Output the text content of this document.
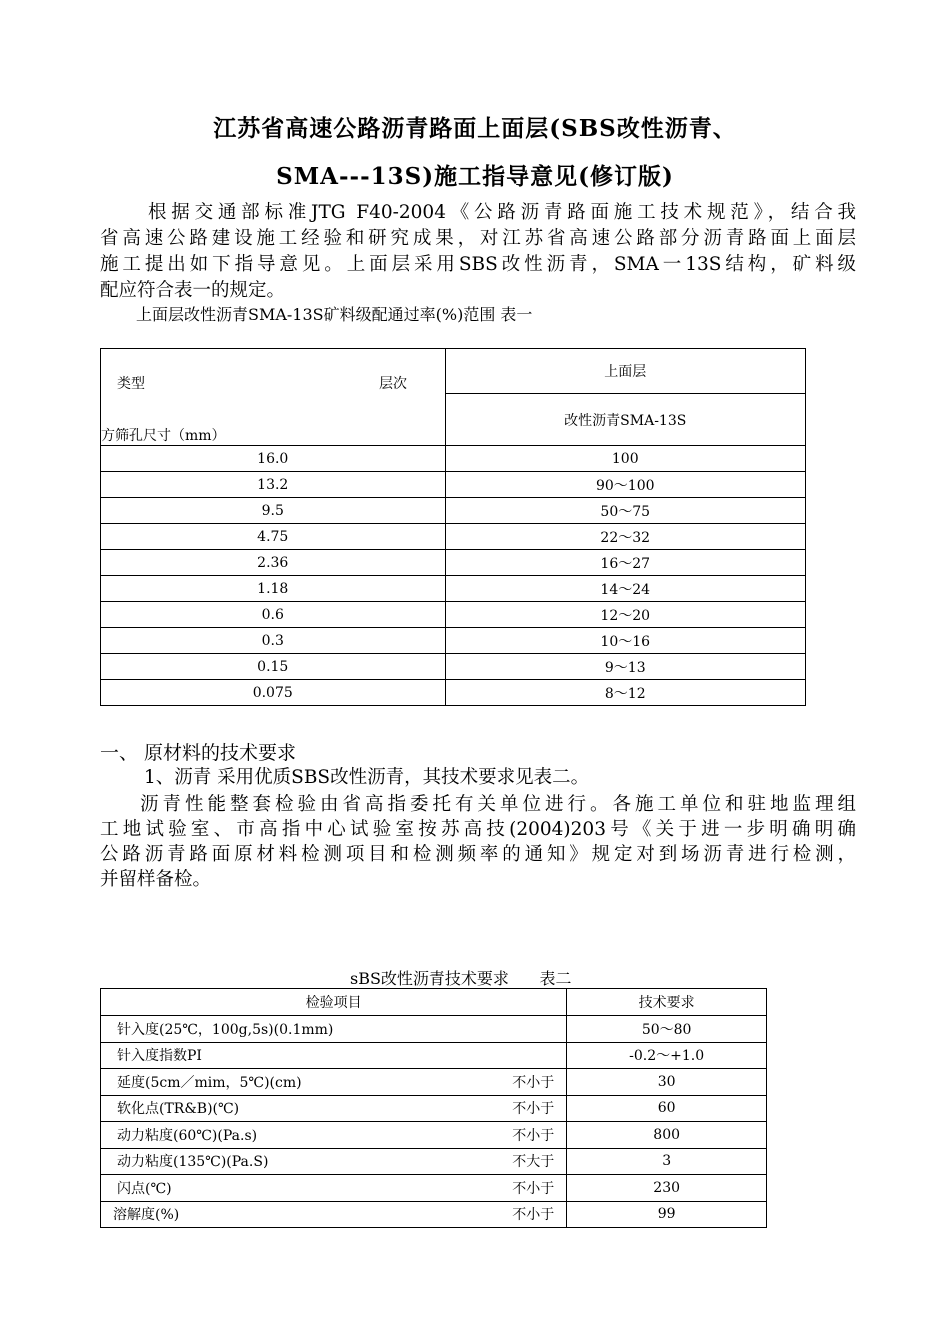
江苏省高速公路沥青路面上面层(SBS改性沥青、
SMA---13S)施工指导意见(修订版)
根据交通部标准JTG F40-2004《公路沥青路面施工技术规范》，结合我
省高速公路建设施工经验和研究成果，对江苏省高速公路部分沥青路面上面层
施工提出如下指导意见。上面层采用SBS改性沥青，SMA一13S结构，矿料级
配应符合表一的规定。
上面层改性沥青SMA-13S矿料级配通过率(%)范围 表一
类型 层次
方筛孔尺寸（mm）	上面层
	改性沥青SMA-13S
16.0	100
13.2	90～100
9.5	50～75
4.75	22～32
2.36	16～27
1.18	14～24
0.6	12～20
0.3	10～16
0.15	9～13
0.075	8～12
一、 原材料的技术要求
1、沥青 采用优质SBS改性沥青，其技术要求见表二。
沥青性能整套检验由省高指委托有关单位进行。各施工单位和驻地监理组
工地试验室、市高指中心试验室按苏高技(2004)203号《关于进一步明确明确
公路沥青路面原材料检测项目和检测频率的通知》规定对到场沥青进行检测，
并留样备检。
sBS改性沥青技术要求      表二
检验项目	技术要求

针入度(25℃，100g,5s)(0.1mm)	50～80

针入度指数PI	-0.2～+1.0

延度(5cm／mim，5℃)(cm) 不小于	30

软化点(TR&B)(℃) 不小于	60

动力粘度(60℃)(Pa.s) 不小于	800

动力粘度(135℃)(Pa.S) 不大于	3

闪点(℃) 不小于	230

溶解度(%) 不小于	99
